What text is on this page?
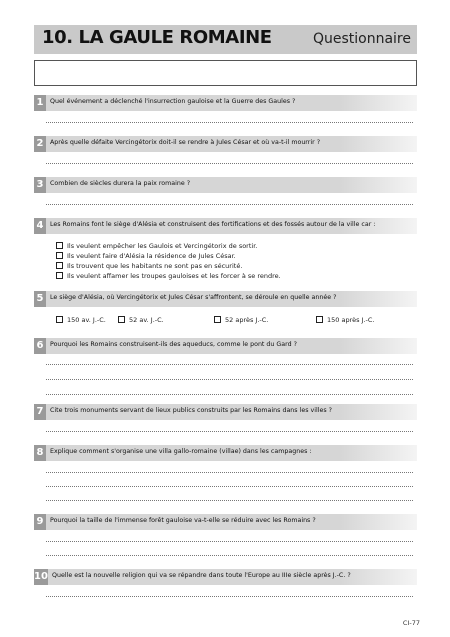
10. LA GAULE ROMAINE	Questionnaire
1	Quel événement a déclenché l'insurrection gauloise et la Guerre des Gaules ?
2	Après quelle défaite Vercingétorix doit-il se rendre à Jules César et où va-t-il mourrir ?
3	Combien de siècles durera la paix romaine ?
4	Les Romains font le siège d'Alésia et construisent des fortifications et des fossés autour de la ville car :
Ils veulent empêcher les Gaulois et Vercingétorix de sortir.
Ils veulent faire d'Alésia la résidence de Jules César.
Ils trouvent que les habitants ne sont pas en sécurité.
Ils veulent affamer les troupes gauloises et les forcer à se rendre.
5	Le siège d'Alésia, où Vercingétorix et Jules César s'affrontent, se déroule en quelle année ?
150 av. J.-C.	52 av. J.-C.	52 après J.-C.	150 après J.-C.
6	Pourquoi les Romains construisent-ils des aqueducs, comme le pont du Gard ?
7	Cite trois monuments servant de lieux publics construits par les Romains dans les villes ?
8	Explique comment s'organise une villa gallo-romaine (villae) dans les campagnes :
9	Pourquoi la taille de l'immense forêt gauloise va-t-elle se réduire avec les Romains ?
10 Quelle est la nouvelle religion qui va se répandre dans toute l'Europe au IIIe siècle après J.-C. ?
CI-77
